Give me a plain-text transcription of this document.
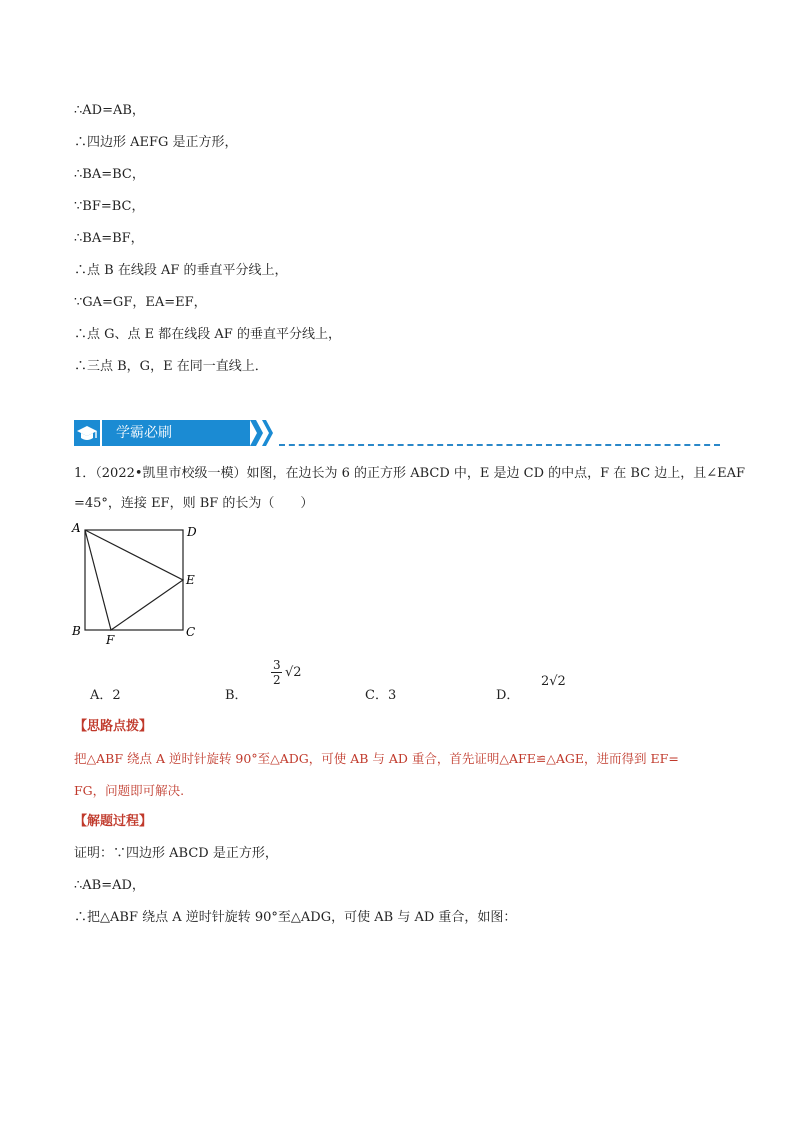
∴AD=AB，
∴四边形 AEFG 是正方形，
∴BA=BC，
∵BF=BC，
∴BA=BF，
∴点 B 在线段 AF 的垂直平分线上，
∵GA=GF，EA=EF，
∴点 G、点 E 都在线段 AF 的垂直平分线上，
∴三点 B，G，E 在同一直线上．
学霸必刷
1．（2022•凯里市校级一模）如图，在边长为 6 的正方形 ABCD 中，E 是边 CD 的中点，F 在 BC 边上，且∠EAF
=45°，连接 EF，则 BF 的长为（　　）
A	D
E
B
F
C
A．2	B．
3
2 √2
C．3	D．
2√2
【思路点拨】
把△ABF 绕点 A 逆时针旋转 90°至△ADG，可使 AB 与 AD 重合，首先证明△AFE≌△AGE，进而得到 EF=
FG，问题即可解决.
【解题过程】
证明：∵四边形 ABCD 是正方形，
∴AB=AD，
∴把△ABF 绕点 A 逆时针旋转 90°至△ADG，可使 AB 与 AD 重合，如图：
